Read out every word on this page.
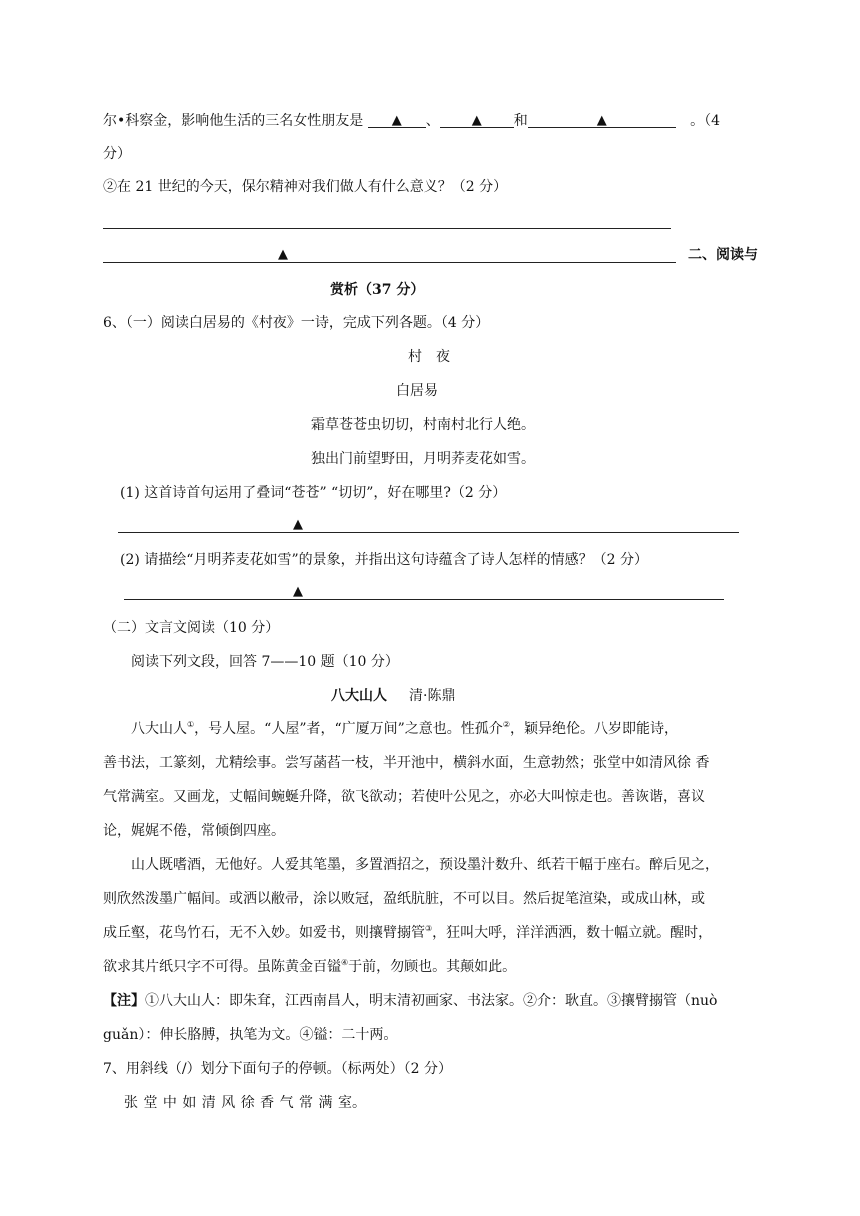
尔•科察金，影响他生活的三名女性朋友是 ▲ 、 ▲ 和	▲	。（4
分）
②在 21 世纪的今天，保尔精神对我们做人有什么意义？（2 分）
▲	二、阅读与
赏析（37 分）
6、（一）阅读白居易的《村夜》一诗，完成下列各题。（4 分）
村　夜
白居易
霜草苍苍虫切切，村南村北行人绝。
独出门前望野田，月明荞麦花如雪。
(1) 这首诗首句运用了叠词“苍苍” “切切”，好在哪里?（2 分）
▲
(2) 请描绘“月明荞麦花如雪”的景象，并指出这句诗蕴含了诗人怎样的情感？（2 分）
▲
（二）文言文阅读（10 分）
阅读下列文段，回答 7——10 题（10 分）
八大山人 清·陈鼎
八大山人①，号人屋。“人屋”者，“广厦万间”之意也。性孤介②，颖异绝伦。八岁即能诗，
善书法，工篆刻，尤精绘事。尝写菡萏一枝，半开池中，横斜水面，生意勃然；张堂中如清风徐 香
气常满室。又画龙，丈幅间蜿蜒升降，欲飞欲动；若使叶公见之，亦必大叫惊走也。善诙谐，喜议
论，娓娓不倦，常倾倒四座。
山人既嗜酒，无他好。人爱其笔墨，多置酒招之，预设墨汁数升、纸若干幅于座右。醉后见之，
则欣然泼墨广幅间。或洒以敝帚，涂以败冠，盈纸肮脏，不可以目。然后捉笔渲染，或成山林，或
成丘壑，花鸟竹石，无不入妙。如爱书，则攘臂搦管③，狂叫大呼，洋洋洒洒，数十幅立就。醒时，
欲求其片纸只字不可得。虽陈黄金百镒④于前，勿顾也。其颠如此。
【注】①八大山人：即朱耷，江西南昌人，明末清初画家、书法家。②介：耿直。③攘臂搦管（nuò
guǎn）：伸长胳膊，执笔为文。④镒：二十两。
7、用斜线（/）划分下面句子的停顿。（标两处）（2 分）
张 堂 中 如 清 风 徐 香 气 常 满 室。
